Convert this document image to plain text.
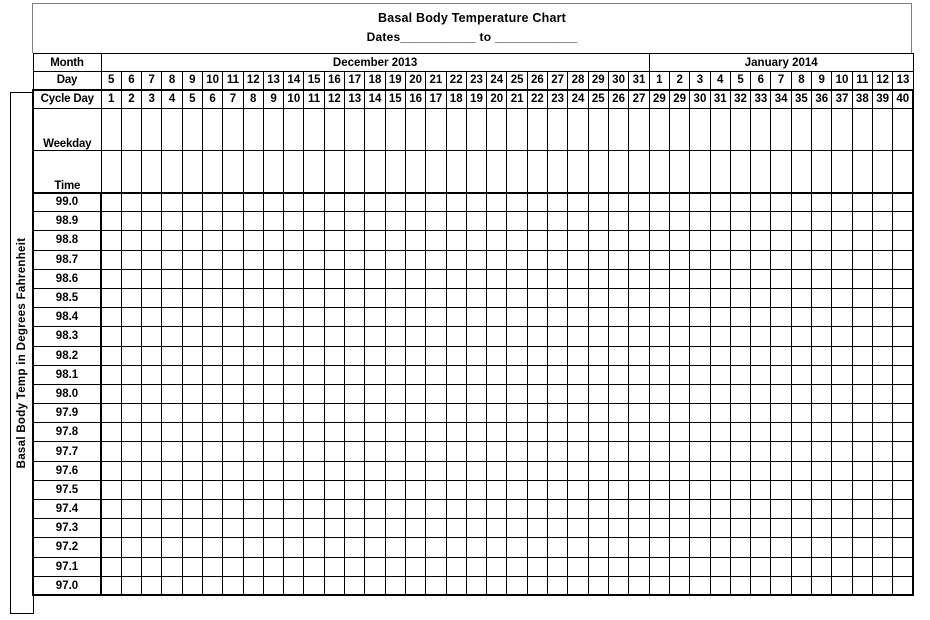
Basal Body Temperature Chart
Dates___________ to ____________
Basal Body Temp in Degrees Fahrenheit
Month	December 2013																											January 2014												
Day	5	6	7	8	9	10	11	12	13	14	15	16	17	18	19	20	21	22	23	24	25	26	27	28	29	30	31	1	2	3	4	5	6	7	8	9	10	11	12	13
Cycle Day	1	2	3	4	5	6	7	8	9	10	11	12	13	14	15	16	17	18	19	20	21	22	23	24	25	26	27	29	29	30	31	32	33	34	35	36	37	38	39	40
Weekday																																								
Time																																								
99.0																																								
98.9																																								
98.8																																								
98.7																																								
98.6																																								
98.5																																								
98.4																																								
98.3																																								
98.2																																								
98.1																																								
98.0																																								
97.9																																								
97.8																																								
97.7																																								
97.6																																								
97.5																																								
97.4																																								
97.3																																								
97.2																																								
97.1																																								
97.0																																								
